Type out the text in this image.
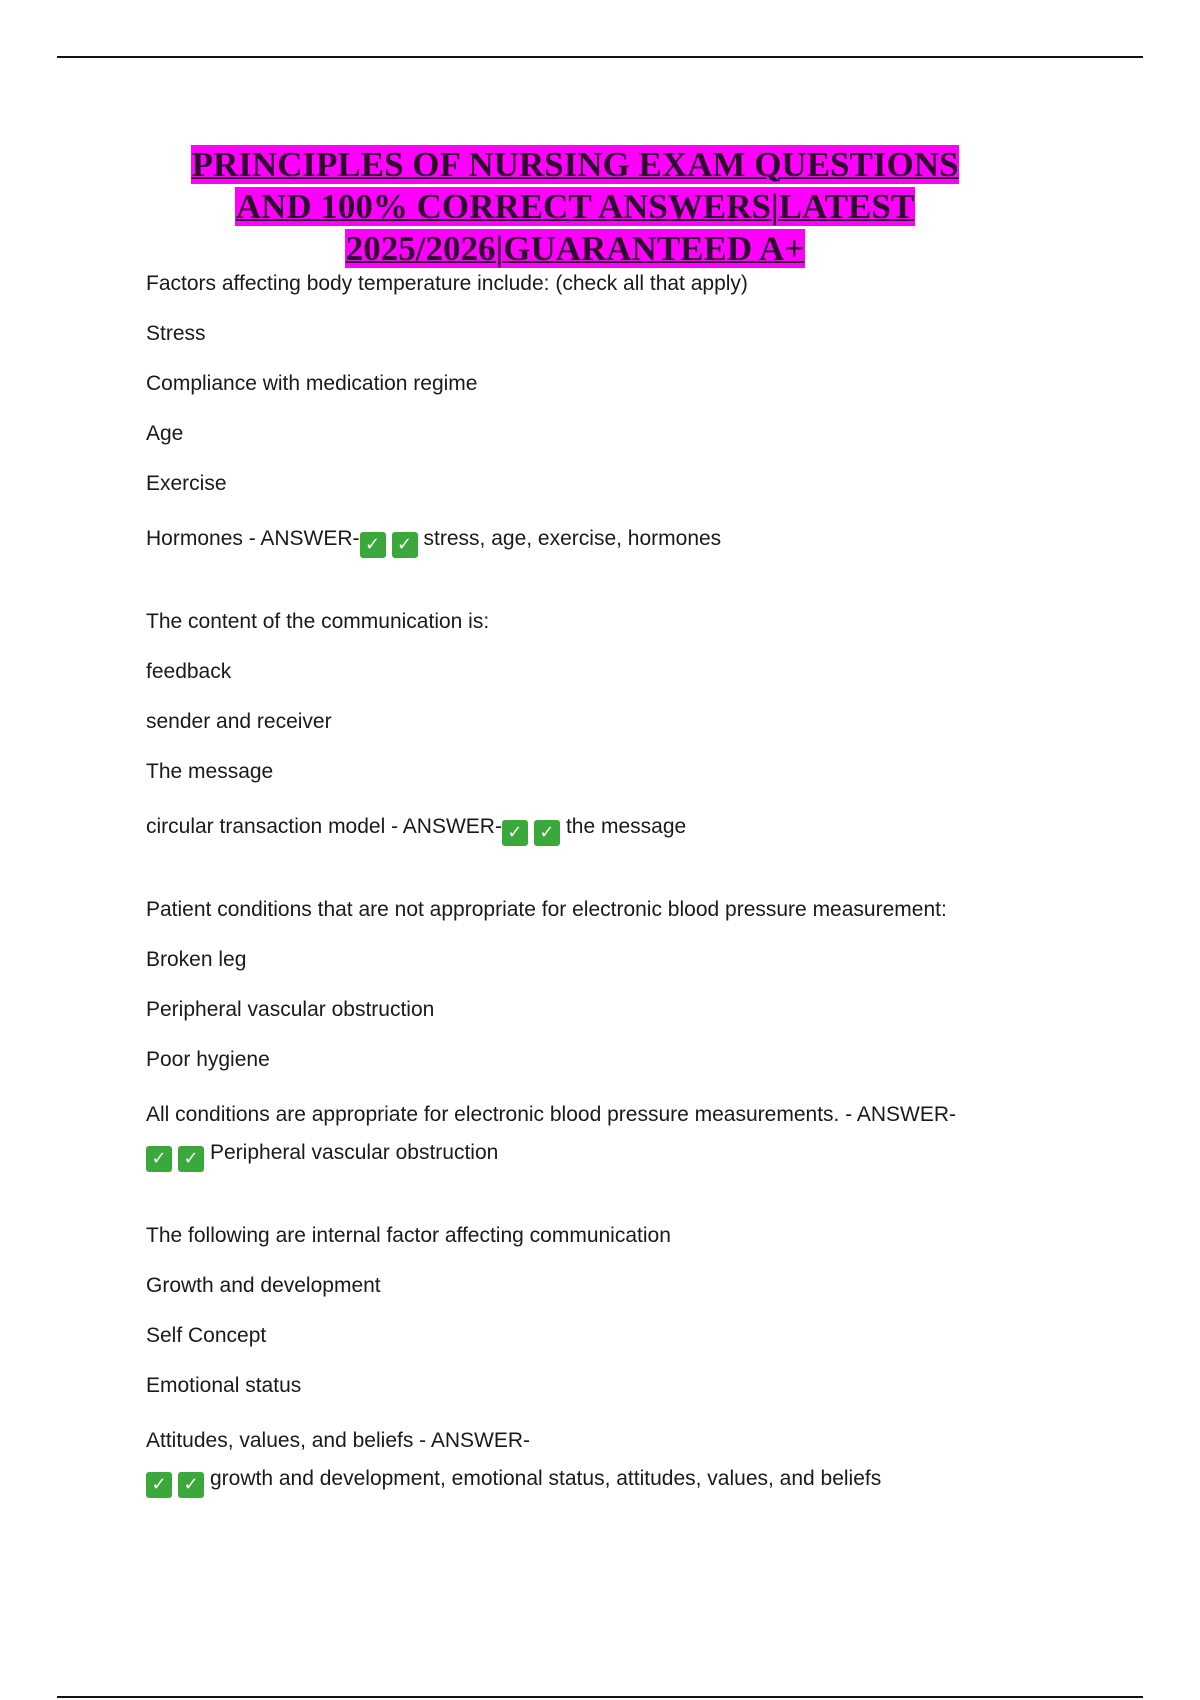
PRINCIPLES OF NURSING EXAM QUESTIONS
AND 100% CORRECT ANSWERS|LATEST
2025/2026|GUARANTEED A+
Factors affecting body temperature include: (check all that apply)
Stress
Compliance with medication regime
Age
Exercise
Hormones - ANSWER- ✓ ✓ stress, age, exercise, hormones
The content of the communication is:
feedback
sender and receiver
The message
circular transaction model - ANSWER- ✓ ✓ the message
Patient conditions that are not appropriate for electronic blood pressure measurement:
Broken leg
Peripheral vascular obstruction
Poor hygiene
All conditions are appropriate for electronic blood pressure measurements. - ANSWER-
✓ ✓ Peripheral vascular obstruction
The following are internal factor affecting communication
Growth and development
Self Concept
Emotional status
Attitudes, values, and beliefs - ANSWER-
✓ ✓ growth and development, emotional status, attitudes, values, and beliefs
